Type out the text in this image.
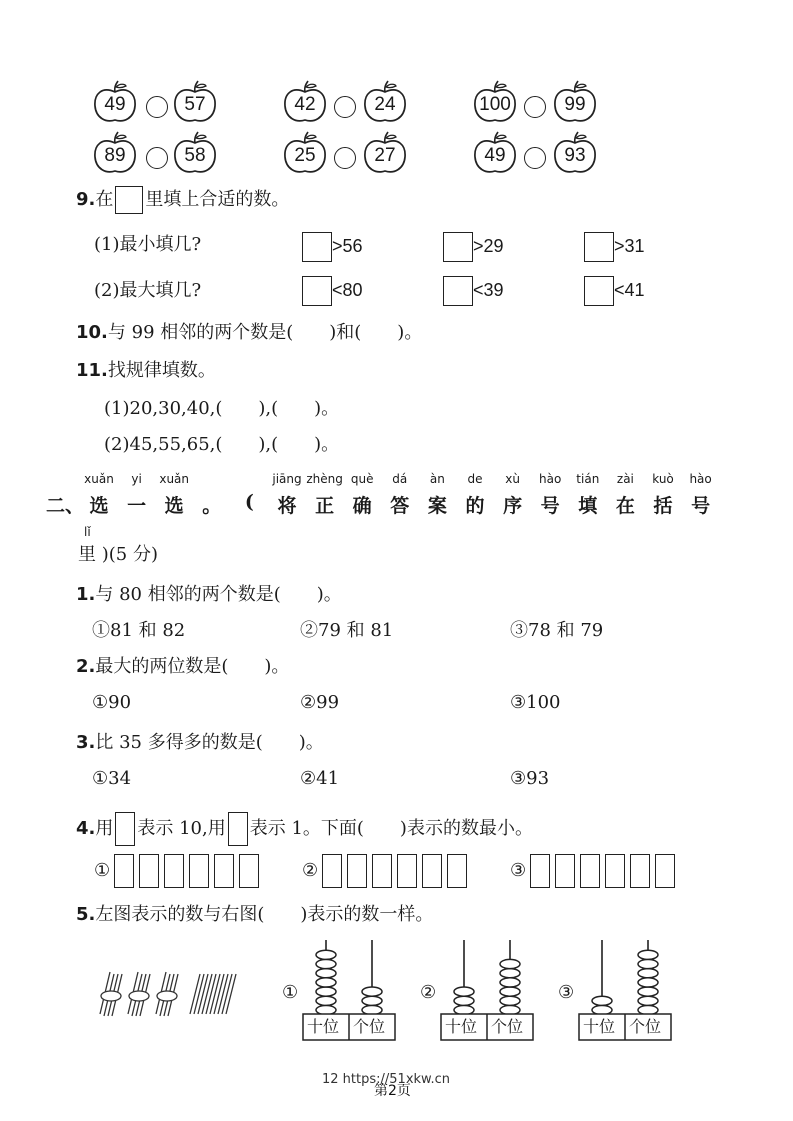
9.在 里填上合适的数。
(1)最小填几?
(2)最大填几?
>56	>29	>31
<80	<39	<41
10.与 99 相邻的两个数是(　　)和(　　)。
11.找规律填数。
(1)20,30,40,(　　),(　　)。
(2)45,55,65,(　　),(　　)。
二、 选
xuǎn
一
yi
选
xuǎn
。	(	将
jiāng
正
zhèng
确
què
答
dá
案
àn
的
de
序
xù
号
hào
填
tián
在
zài
括
kuò
号
hào
lǐ
里 )(5 分)
1.与 80 相邻的两个数是(　　)。
①81 和 82	②79 和 81	③78 和 79
2.最大的两位数是(　　)。
①90	②99	③100
3.比 35 多得多的数是(　　)。
①34	②41	③93
4.用 表示 10,用 表示 1。下面(　　)表示的数最小。
①	②	③
5.左图表示的数与右图(　　)表示的数一样。
①
十位 个位
②
十位 个位
③
十位 个位
12 https://51xkw.cn
第2页
49	57	42	24	100	99
89	58	25	27	49	93
